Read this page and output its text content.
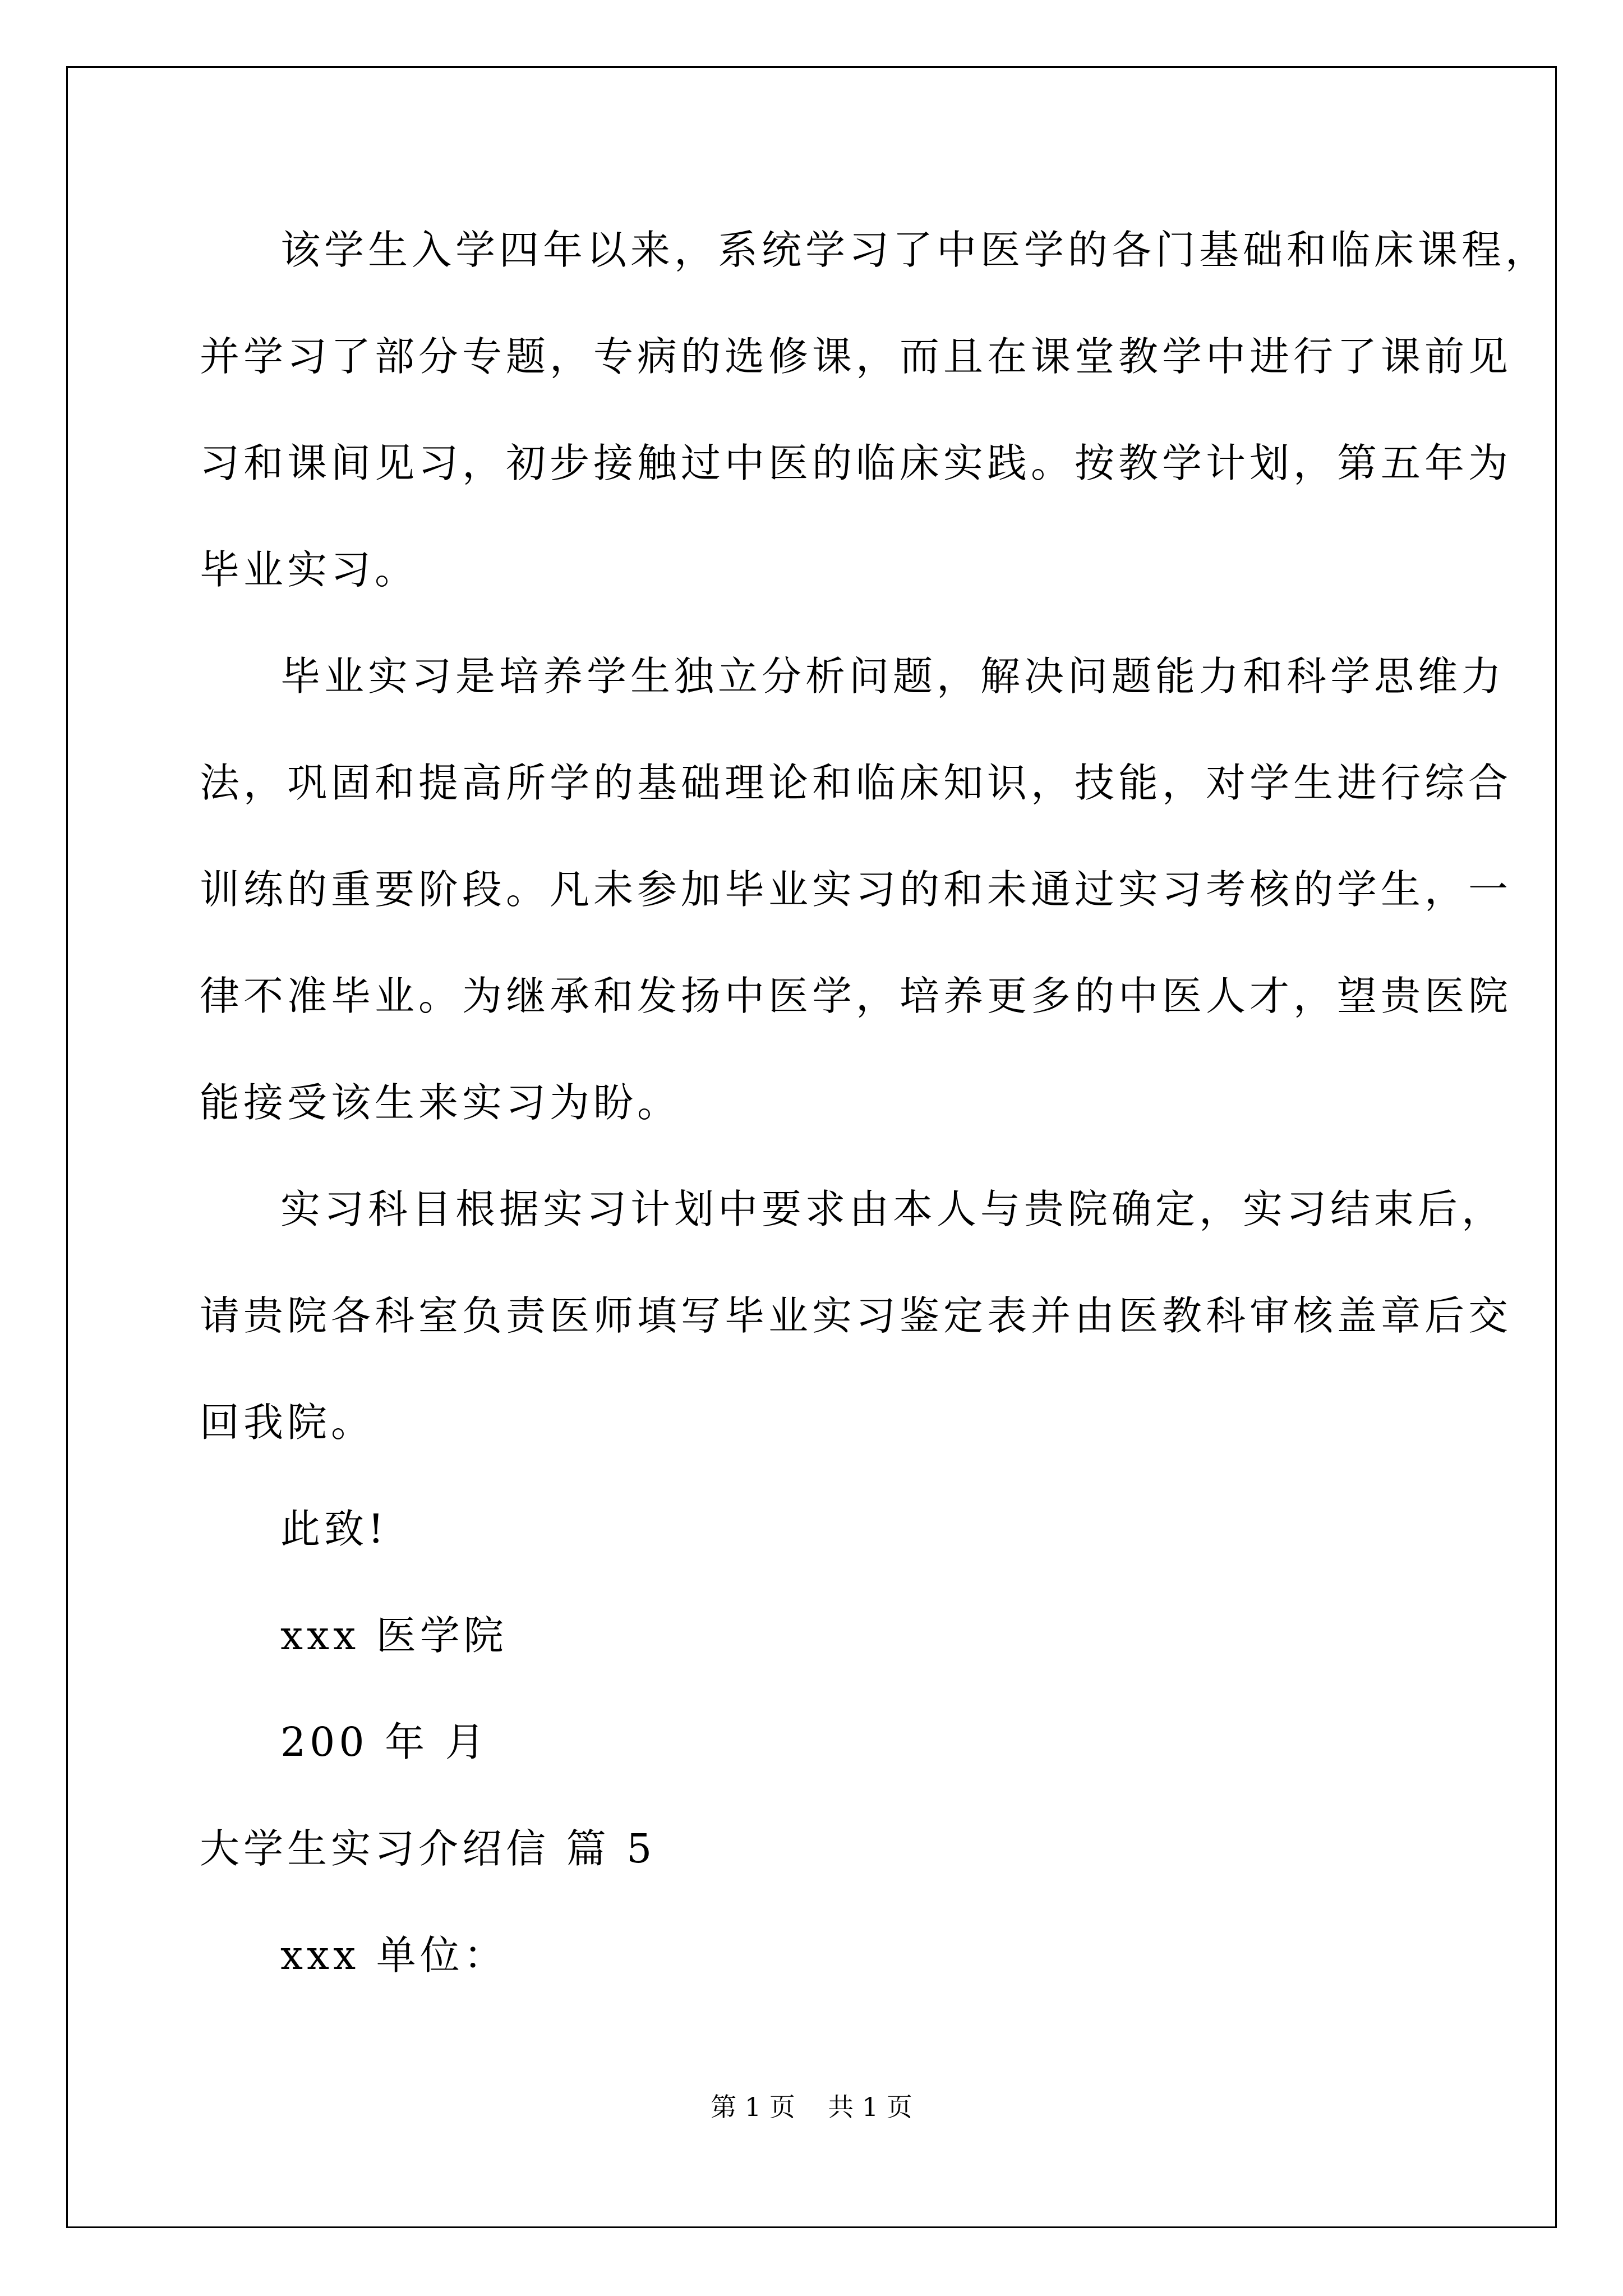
该学生入学四年以来，系统学习了中医学的各门基础和临床课程，
并学习了部分专题，专病的选修课，而且在课堂教学中进行了课前见
习和课间见习，初步接触过中医的临床实践。按教学计划，第五年为
毕业实习。
毕业实习是培养学生独立分析问题，解决问题能力和科学思维力
法，巩固和提高所学的基础理论和临床知识，技能，对学生进行综合
训练的重要阶段。凡未参加毕业实习的和未通过实习考核的学生，一
律不准毕业。为继承和发扬中医学，培养更多的中医人才，望贵医院
能接受该生来实习为盼。
实习科目根据实习计划中要求由本人与贵院确定，实习结束后，
请贵院各科室负责医师填写毕业实习鉴定表并由医教科审核盖章后交
回我院。
此致!
xxx 医学院
200 年 月
大学生实习介绍信 篇 5
xxx 单位：
第 1 页    共 1 页
